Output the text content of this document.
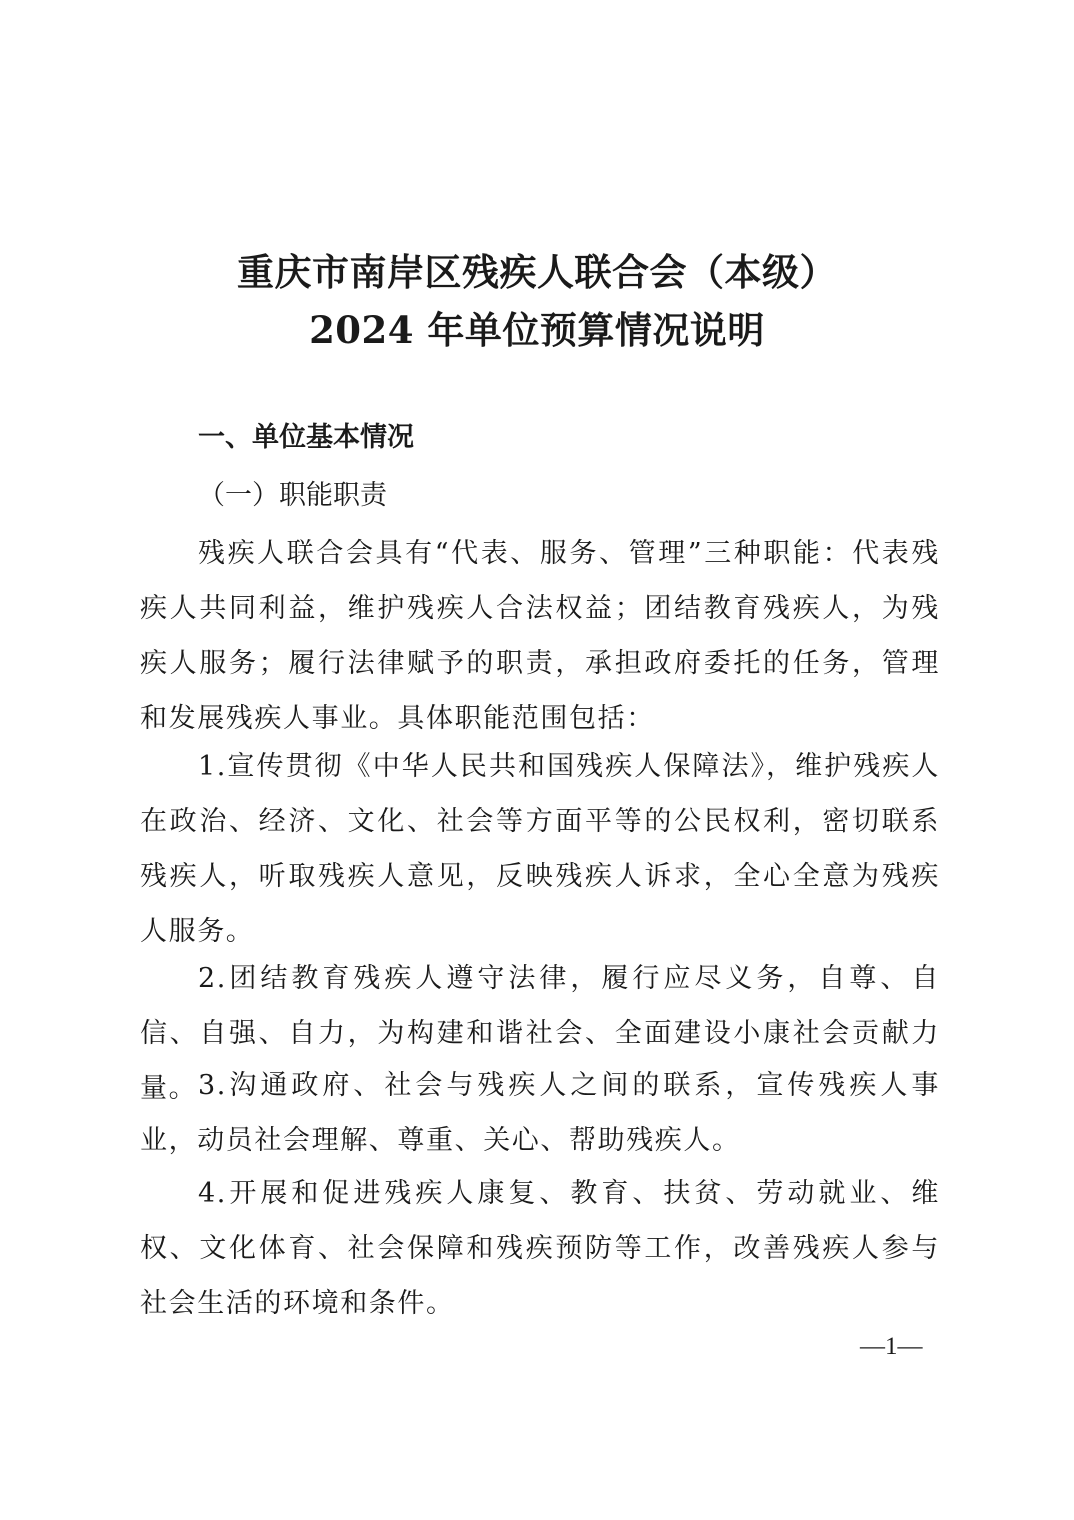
重庆市南岸区残疾人联合会（本级）
2024 年单位预算情况说明
一、单位基本情况
（一）职能职责

残疾人联合会具有“代表、服务、管理”三种职能：代表残疾人共同利益，维护残疾人合法权益；团结教育残疾人，为残疾人服务；履行法律赋予的职责，承担政府委托的任务，管理和发展残疾人事业。具体职能范围包括：

1.宣传贯彻《中华人民共和国残疾人保障法》，维护残疾人在政治、经济、文化、社会等方面平等的公民权利，密切联系残疾人，听取残疾人意见，反映残疾人诉求，全心全意为残疾人服务。

2.团结教育残疾人遵守法律，履行应尽义务，自尊、自信、自强、自力，为构建和谐社会、全面建设小康社会贡献力量。 3.沟通政府、社会与残疾人之间的联系，宣传残疾人事业，动员社会理解、尊重、关心、帮助残疾人。

4.开展和促进残疾人康复、教育、扶贫、劳动就业、维权、文化体育、社会保障和残疾预防等工作，改善残疾人参与社会生活的环境和条件。

—1—
